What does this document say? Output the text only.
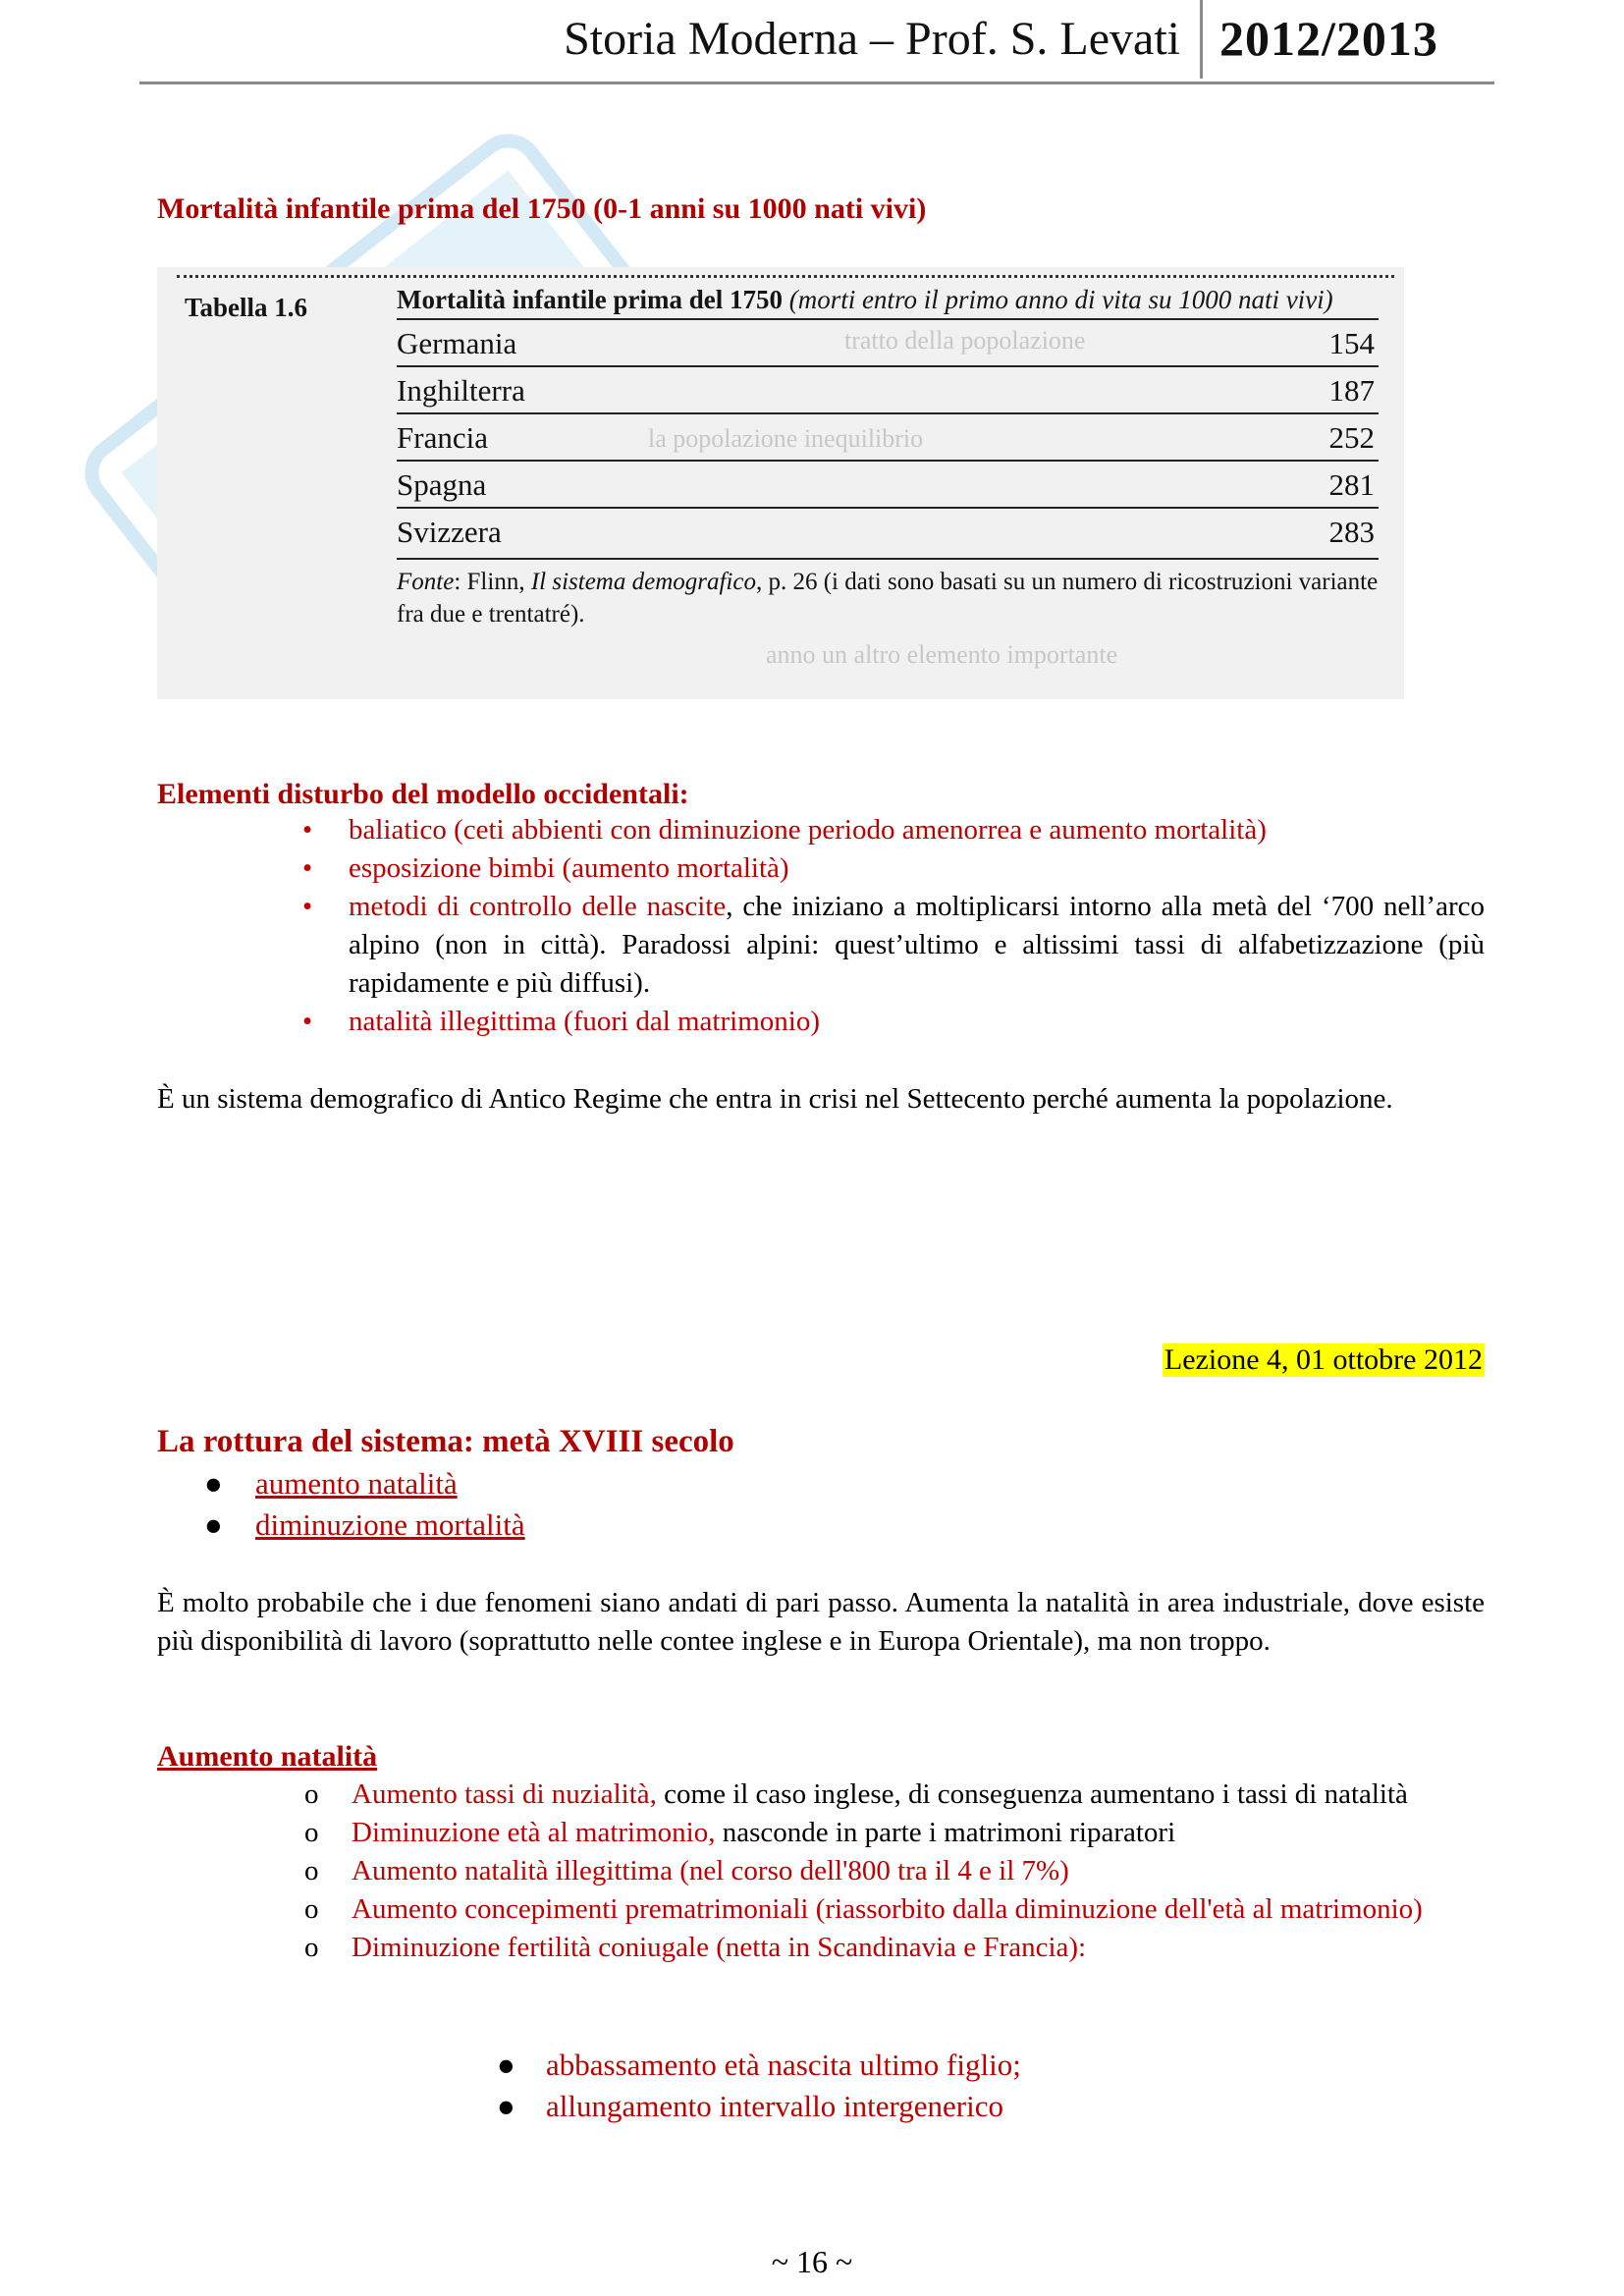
Storia Moderna – Prof. S. Levati 2012/2013
Mortalità infantile prima del 1750 (0-1 anni su 1000 nati vivi)
tratto della popolazione
la popolazione inequilibrio
anno un altro elemento importante
Tabella 1.6	Mortalità infantile prima del 1750 (morti entro il primo anno di vita su 1000 nati vivi)
Germania	154
Inghilterra	187
Francia	252
Spagna	281
Svizzera	283
Fonte: Flinn, Il sistema demografico, p. 26 (i dati sono basati su un numero di ricostruzioni variante fra due e trentatré).
Elementi disturbo del modello occidentali:
• baliatico (ceti abbienti con diminuzione periodo amenorrea e aumento mortalità)
• esposizione bimbi (aumento mortalità)
• metodi di controllo delle nascite, che iniziano a moltiplicarsi intorno alla metà del ‘700 nell’arco alpino (non in città). Paradossi alpini: quest’ultimo e altissimi tassi di alfabetizzazione (più rapidamente e più diffusi).
• natalità illegittima (fuori dal matrimonio)
È un sistema demografico di Antico Regime che entra in crisi nel Settecento perché aumenta la popolazione.
Lezione 4, 01 ottobre 2012
La rottura del sistema: metà XVIII secolo
● aumento natalità
● diminuzione mortalità
È molto probabile che i due fenomeni siano andati di pari passo. Aumenta la natalità in area industriale, dove esiste più disponibilità di lavoro (soprattutto nelle contee inglese e in Europa Orientale), ma non troppo.
Aumento natalità
o Aumento tassi di nuzialità, come il caso inglese, di conseguenza aumentano i tassi di natalità
o Diminuzione età al matrimonio, nasconde in parte i matrimoni riparatori
o Aumento natalità illegittima (nel corso dell'800 tra il 4 e il 7%)
o Aumento concepimenti prematrimoniali (riassorbito dalla diminuzione dell'età al matrimonio)
o Diminuzione fertilità coniugale (netta in Scandinavia e Francia):
● abbassamento età nascita ultimo figlio;
● allungamento intervallo intergenerico
~ 16 ~
